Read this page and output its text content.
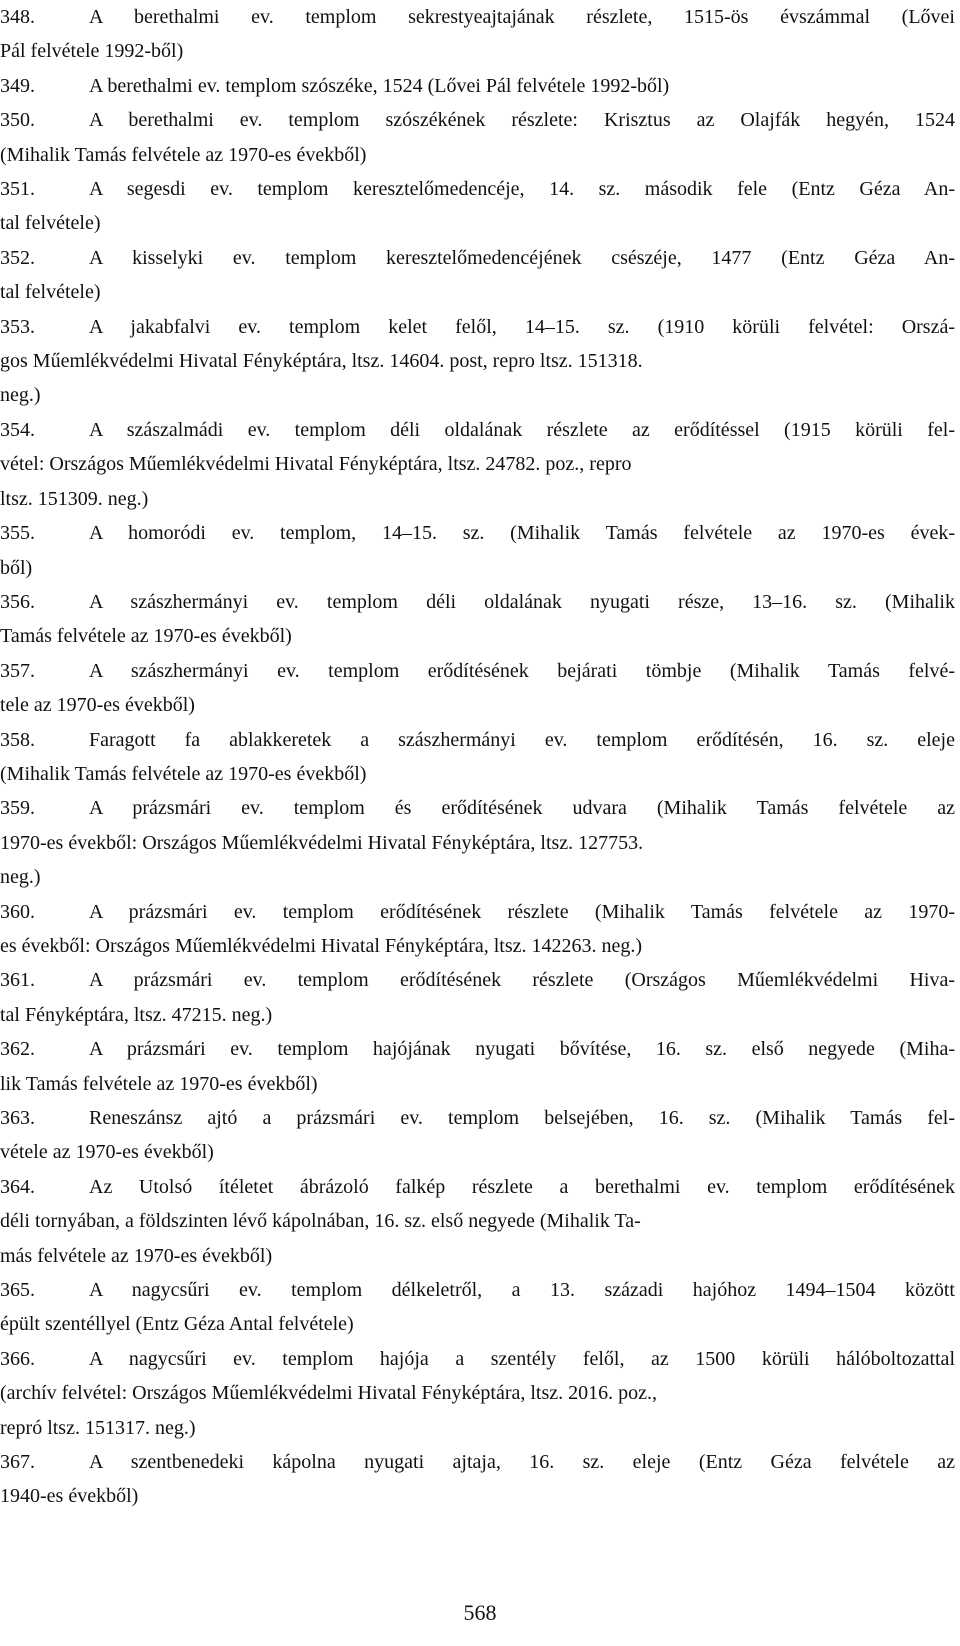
348.	A berethalmi ev. templom sekrestyeajtajának részlete, 1515-ös évszámmal (Lővei
Pál felvétele 1992-ből)
349.	A berethalmi ev. templom szószéke, 1524 (Lővei Pál felvétele 1992-ből)
350.	A berethalmi ev. templom szószékének részlete: Krisztus az Olajfák hegyén, 1524
(Mihalik Tamás felvétele az 1970-es évekből)
351.	A segesdi ev. templom keresztelőmedencéje, 14. sz. második fele (Entz Géza An-
tal felvétele)
352.	A kisselyki ev. templom keresztelőmedencéjének csészéje, 1477 (Entz Géza An-
tal felvétele)
353.	A jakabfalvi ev. templom kelet felől, 14–15. sz. (1910 körüli felvétel: Orszá-
gos Műemlékvédelmi Hivatal Fényképtára, ltsz. 14604. post, repro ltsz. 151318.
neg.)
354.	A szászalmádi ev. templom déli oldalának részlete az erődítéssel (1915 körüli fel-
vétel: Országos Műemlékvédelmi Hivatal Fényképtára, ltsz. 24782. poz., repro
ltsz. 151309. neg.)
355.	A homoródi ev. templom, 14–15. sz. (Mihalik Tamás felvétele az 1970-es évek-
ből)
356.	A szászhermányi ev. templom déli oldalának nyugati része, 13–16. sz. (Mihalik
Tamás felvétele az 1970-es évekből)
357.	A szászhermányi ev. templom erődítésének bejárati tömbje (Mihalik Tamás felvé-
tele az 1970-es évekből)
358.	Faragott fa ablakkeretek a szászhermányi ev. templom erődítésén, 16. sz. eleje
(Mihalik Tamás felvétele az 1970-es évekből)
359.	A prázsmári ev. templom és erődítésének udvara (Mihalik Tamás felvétele az
1970-es évekből: Országos Műemlékvédelmi Hivatal Fényképtára, ltsz. 127753.
neg.)
360.	A prázsmári ev. templom erődítésének részlete (Mihalik Tamás felvétele az 1970-
es évekből: Országos Műemlékvédelmi Hivatal Fényképtára, ltsz. 142263. neg.)
361.	A prázsmári ev. templom erődítésének részlete (Országos Műemlékvédelmi Hiva-
tal Fényképtára, ltsz. 47215. neg.)
362.	A prázsmári ev. templom hajójának nyugati bővítése, 16. sz. első negyede (Miha-
lik Tamás felvétele az 1970-es évekből)
363.	Reneszánsz ajtó a prázsmári ev. templom belsejében, 16. sz. (Mihalik Tamás fel-
vétele az 1970-es évekből)
364.	Az Utolsó ítéletet ábrázoló falkép részlete a berethalmi ev. templom erődítésének
déli tornyában, a földszinten lévő kápolnában, 16. sz. első negyede (Mihalik Ta-
más felvétele az 1970-es évekből)
365.	A nagycsűri ev. templom délkeletről, a 13. századi hajóhoz 1494–1504 között
épült szentéllyel (Entz Géza Antal felvétele)
366.	A nagycsűri ev. templom hajója a szentély felől, az 1500 körüli hálóboltozattal
(archív felvétel: Országos Műemlékvédelmi Hivatal Fényképtára, ltsz. 2016. poz.,
repró ltsz. 151317. neg.)
367.	A szentbenedeki kápolna nyugati ajtaja, 16. sz. eleje (Entz Géza felvétele az
1940-es évekből)
568
